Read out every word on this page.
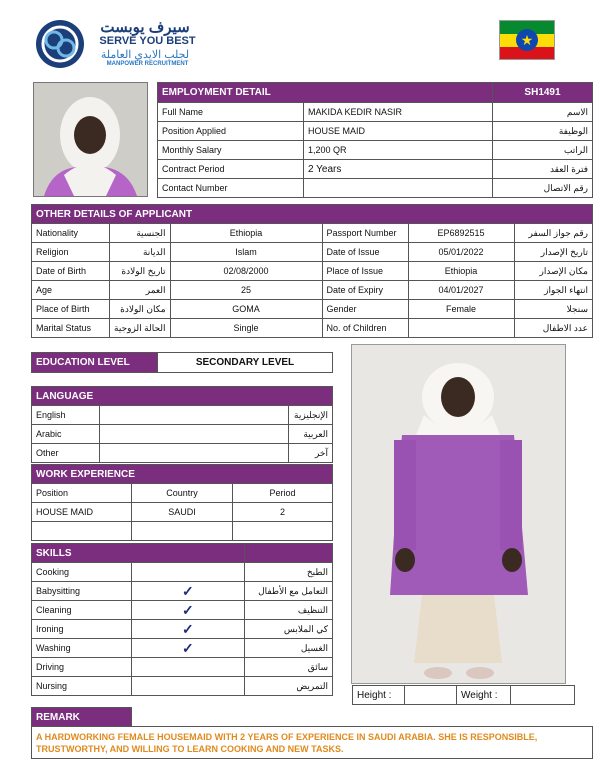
سيرف يوبست
SERVE YOU BEST
لجلب الايدي العاملة
MANPOWER RECRUITMENT
★
EMPLOYMENT DETAIL		SH1491
Full Name	MAKIDA KEDIR NASIR	الاسم
Position Applied	HOUSE MAID	الوظيفة
Monthly Salary	1,200 QR	الراتب
Contract Period	2 Years	فترة العقد
Contact Number		رقم الاتصال
OTHER DETAILS OF APPLICANT					
Nationality	الجنسية	Ethiopia	Passport Number	EP6892515	رقم جواز السفر
Religion	الديانة	Islam	Date of Issue	05/01/2022	تاريخ الإصدار
Date of Birth	تاريخ الولادة	02/08/2000	Place of Issue	Ethiopia	مكان الإصدار
Age	العمر	25	Date of Expiry	04/01/2027	انتهاء الجواز
Place of Birth	مكان الولادة	GOMA	Gender	Female	سنجلا
Marital Status	الحالة الزوجية	Single	No. of Children		عدد الاطفال
EDUCATION LEVEL	SECONDARY LEVEL
LANGUAGE		
English		الإنجليزية
Arabic		العربية
Other		آخر
WORK EXPERIENCE		
Position	Country	Period
HOUSE MAID	SAUDI	2

SKILLS		
Cooking		الطبخ
Babysitting	✓	التعامل مع الأطفال
Cleaning	✓	التنظيف
Ironing	✓	كي الملابس
Washing	✓	الغسيل
Driving		سائق
Nursing		التمريض
Height :		Weight :	
REMARK	
A HARDWORKING FEMALE HOUSEMAID WITH 2 YEARS OF EXPERIENCE IN SAUDI ARABIA. SHE IS RESPONSIBLE, TRUSTWORTHY, AND WILLING TO LEARN COOKING AND NEW TASKS.
